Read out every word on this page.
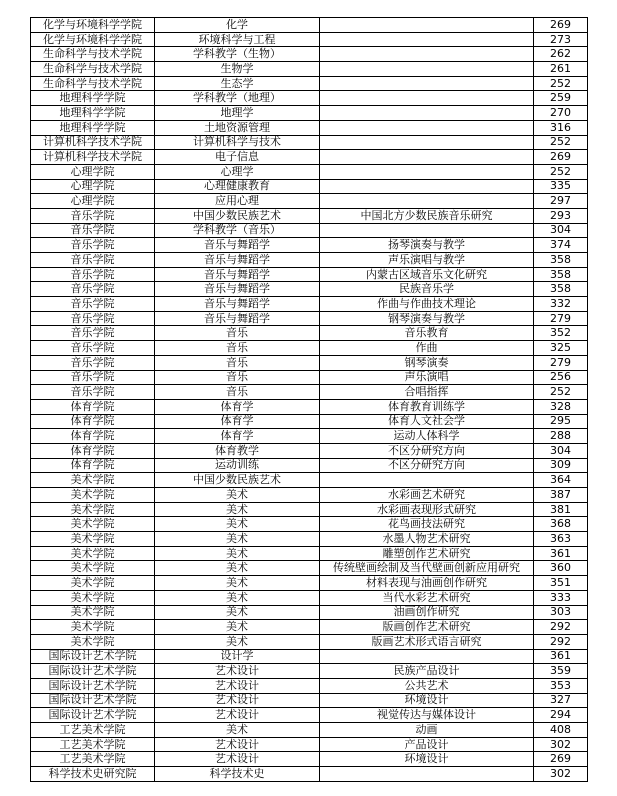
化学与环境科学学院	化学		269
化学与环境科学学院	环境科学与工程		273
生命科学与技术学院	学科教学（生物）		262
生命科学与技术学院	生物学		261
生命科学与技术学院	生态学		252
地理科学学院	学科教学（地理）		259
地理科学学院	地理学		270
地理科学学院	土地资源管理		316
计算机科学技术学院	计算机科学与技术		252
计算机科学技术学院	电子信息		269
心理学院	心理学		252
心理学院	心理健康教育		335
心理学院	应用心理		297
音乐学院	中国少数民族艺术	中国北方少数民族音乐研究	293
音乐学院	学科教学（音乐）		304
音乐学院	音乐与舞蹈学	扬琴演奏与教学	374
音乐学院	音乐与舞蹈学	声乐演唱与教学	358
音乐学院	音乐与舞蹈学	内蒙古区域音乐文化研究	358
音乐学院	音乐与舞蹈学	民族音乐学	358
音乐学院	音乐与舞蹈学	作曲与作曲技术理论	332
音乐学院	音乐与舞蹈学	钢琴演奏与教学	279
音乐学院	音乐	音乐教育	352
音乐学院	音乐	作曲	325
音乐学院	音乐	钢琴演奏	279
音乐学院	音乐	声乐演唱	256
音乐学院	音乐	合唱指挥	252
体育学院	体育学	体育教育训练学	328
体育学院	体育学	体育人文社会学	295
体育学院	体育学	运动人体科学	288
体育学院	体育教学	不区分研究方向	304
体育学院	运动训练	不区分研究方向	309
美术学院	中国少数民族艺术		364
美术学院	美术	水彩画艺术研究	387
美术学院	美术	水彩画表现形式研究	381
美术学院	美术	花鸟画技法研究	368
美术学院	美术	水墨人物艺术研究	363
美术学院	美术	雕塑创作艺术研究	361
美术学院	美术	传统壁画绘制及当代壁画创新应用研究	360
美术学院	美术	材料表现与油画创作研究	351
美术学院	美术	当代水彩艺术研究	333
美术学院	美术	油画创作研究	303
美术学院	美术	版画创作艺术研究	292
美术学院	美术	版画艺术形式语言研究	292
国际设计艺术学院	设计学		361
国际设计艺术学院	艺术设计	民族产品设计	359
国际设计艺术学院	艺术设计	公共艺术	353
国际设计艺术学院	艺术设计	环境设计	327
国际设计艺术学院	艺术设计	视觉传达与媒体设计	294
工艺美术学院	美术	动画	408
工艺美术学院	艺术设计	产品设计	302
工艺美术学院	艺术设计	环境设计	269
科学技术史研究院	科学技术史		302
